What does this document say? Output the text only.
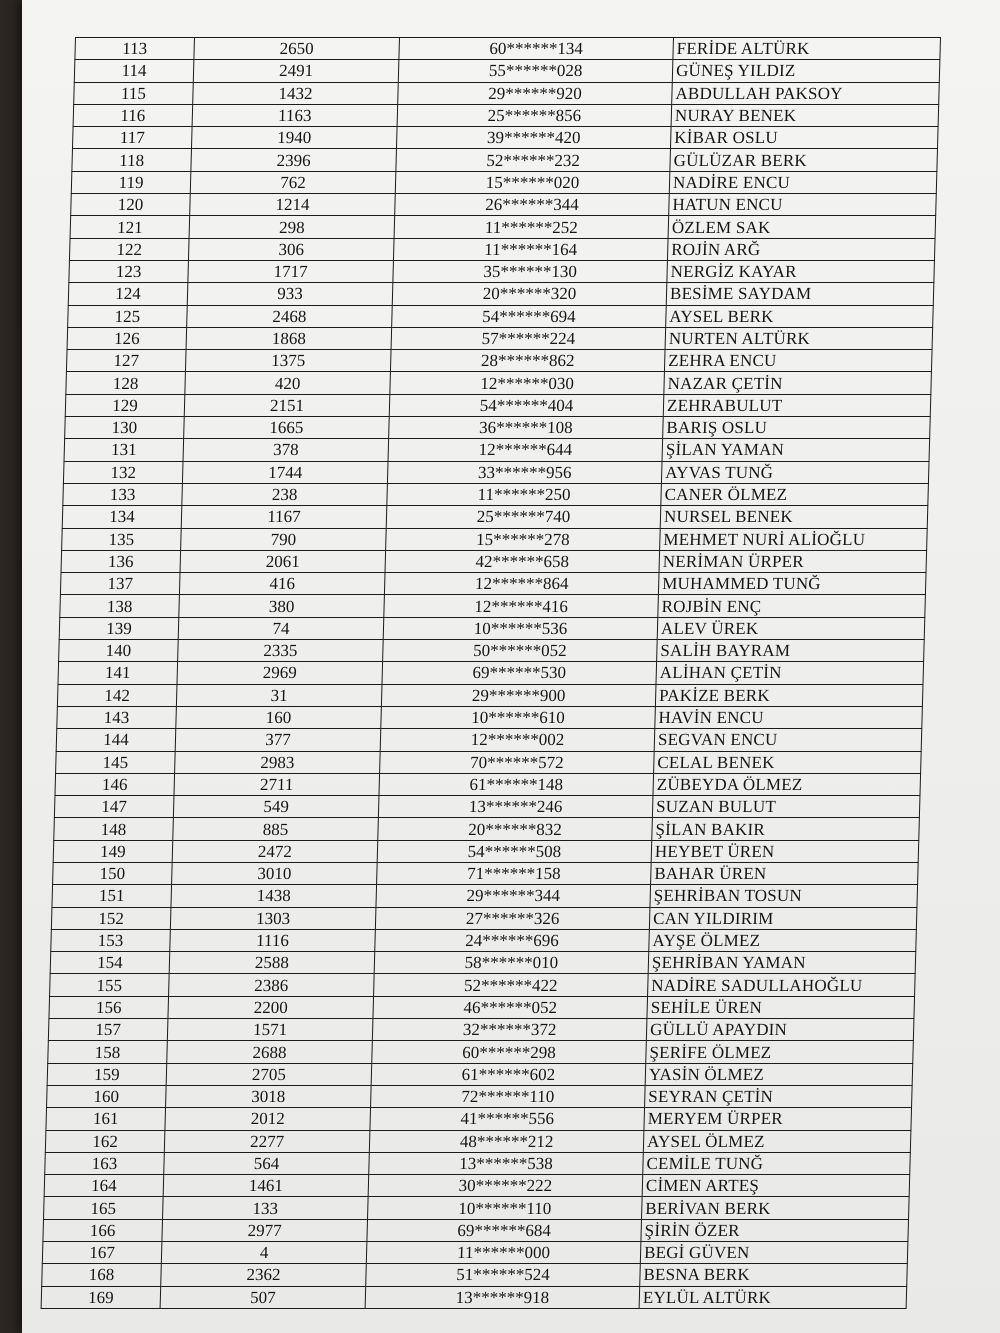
113	2650	60******134	FERİDE ALTÜRK
114	2491	55******028	GÜNEŞ YILDIZ
115	1432	29******920	ABDULLAH PAKSOY
116	1163	25******856	NURAY BENEK
117	1940	39******420	KİBAR OSLU
118	2396	52******232	GÜLÜZAR BERK
119	762	15******020	NADİRE ENCU
120	1214	26******344	HATUN ENCU
121	298	11******252	ÖZLEM SAK
122	306	11******164	ROJİN ARĞ
123	1717	35******130	NERGİZ KAYAR
124	933	20******320	BESİME SAYDAM
125	2468	54******694	AYSEL BERK
126	1868	57******224	NURTEN ALTÜRK
127	1375	28******862	ZEHRA ENCU
128	420	12******030	NAZAR ÇETİN
129	2151	54******404	ZEHRABULUT
130	1665	36******108	BARIŞ OSLU
131	378	12******644	ŞİLAN YAMAN
132	1744	33******956	AYVAS TUNĞ
133	238	11******250	CANER ÖLMEZ
134	1167	25******740	NURSEL BENEK
135	790	15******278	MEHMET NURİ ALİOĞLU
136	2061	42******658	NERİMAN ÜRPER
137	416	12******864	MUHAMMED TUNĞ
138	380	12******416	ROJBİN ENÇ
139	74	10******536	ALEV ÜREK
140	2335	50******052	SALİH BAYRAM
141	2969	69******530	ALİHAN ÇETİN
142	31	29******900	PAKİZE BERK
143	160	10******610	HAVİN ENCU
144	377	12******002	SEGVAN ENCU
145	2983	70******572	CELAL BENEK
146	2711	61******148	ZÜBEYDA ÖLMEZ
147	549	13******246	SUZAN BULUT
148	885	20******832	ŞİLAN BAKIR
149	2472	54******508	HEYBET ÜREN
150	3010	71******158	BAHAR ÜREN
151	1438	29******344	ŞEHRİBAN TOSUN
152	1303	27******326	CAN YILDIRIM
153	1116	24******696	AYŞE ÖLMEZ
154	2588	58******010	ŞEHRİBAN YAMAN
155	2386	52******422	NADİRE SADULLAHOĞLU
156	2200	46******052	SEHİLE ÜREN
157	1571	32******372	GÜLLÜ APAYDIN
158	2688	60******298	ŞERİFE ÖLMEZ
159	2705	61******602	YASİN ÖLMEZ
160	3018	72******110	SEYRAN ÇETİN
161	2012	41******556	MERYEM ÜRPER
162	2277	48******212	AYSEL ÖLMEZ
163	564	13******538	CEMİLE TUNĞ
164	1461	30******222	CİMEN ARTEŞ
165	133	10******110	BERİVAN BERK
166	2977	69******684	ŞİRİN ÖZER
167	4	11******000	BEGİ GÜVEN
168	2362	51******524	BESNA BERK
169	507	13******918	EYLÜL ALTÜRK
